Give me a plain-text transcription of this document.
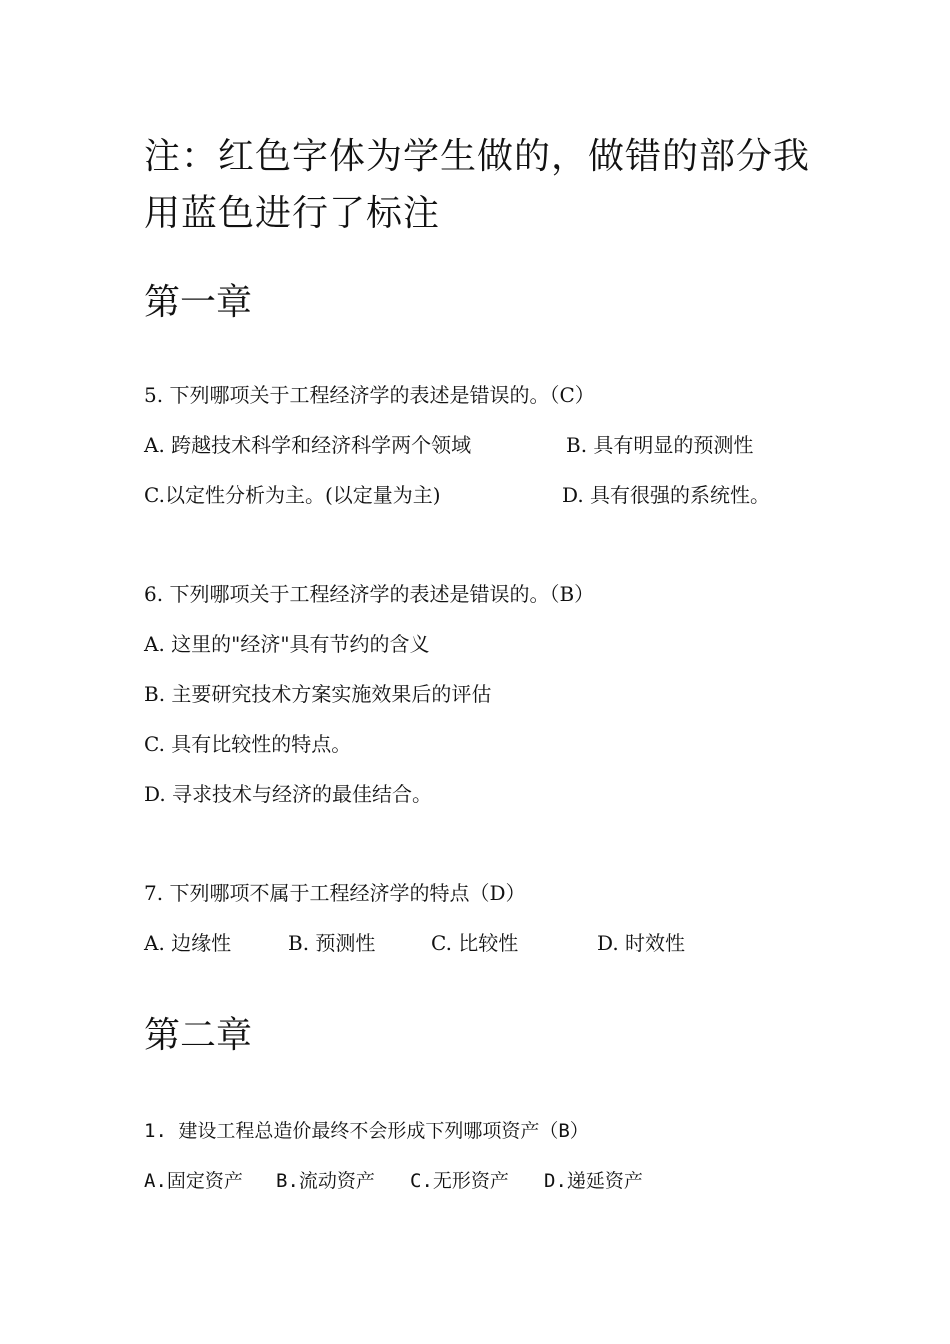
注：红色字体为学生做的，做错的部分我用蓝色进行了标注
第一章
5. 下列哪项关于工程经济学的表述是错误的。（C）
A. 跨越技术科学和经济科学两个领域	B. 具有明显的预测性
C.以定性分析为主。(以定量为主)	D. 具有很强的系统性。
6. 下列哪项关于工程经济学的表述是错误的。（B）
A. 这里的"经济"具有节约的含义
B. 主要研究技术方案实施效果后的评估
C. 具有比较性的特点。
D. 寻求技术与经济的最佳结合。
7. 下列哪项不属于工程经济学的特点（D）
A. 边缘性	B. 预测性	C. 比较性	D. 时效性
第二章
1. 建设工程总造价最终不会形成下列哪项资产（B）
A.固定资产 B.流动资产 C.无形资产 D.递延资产
